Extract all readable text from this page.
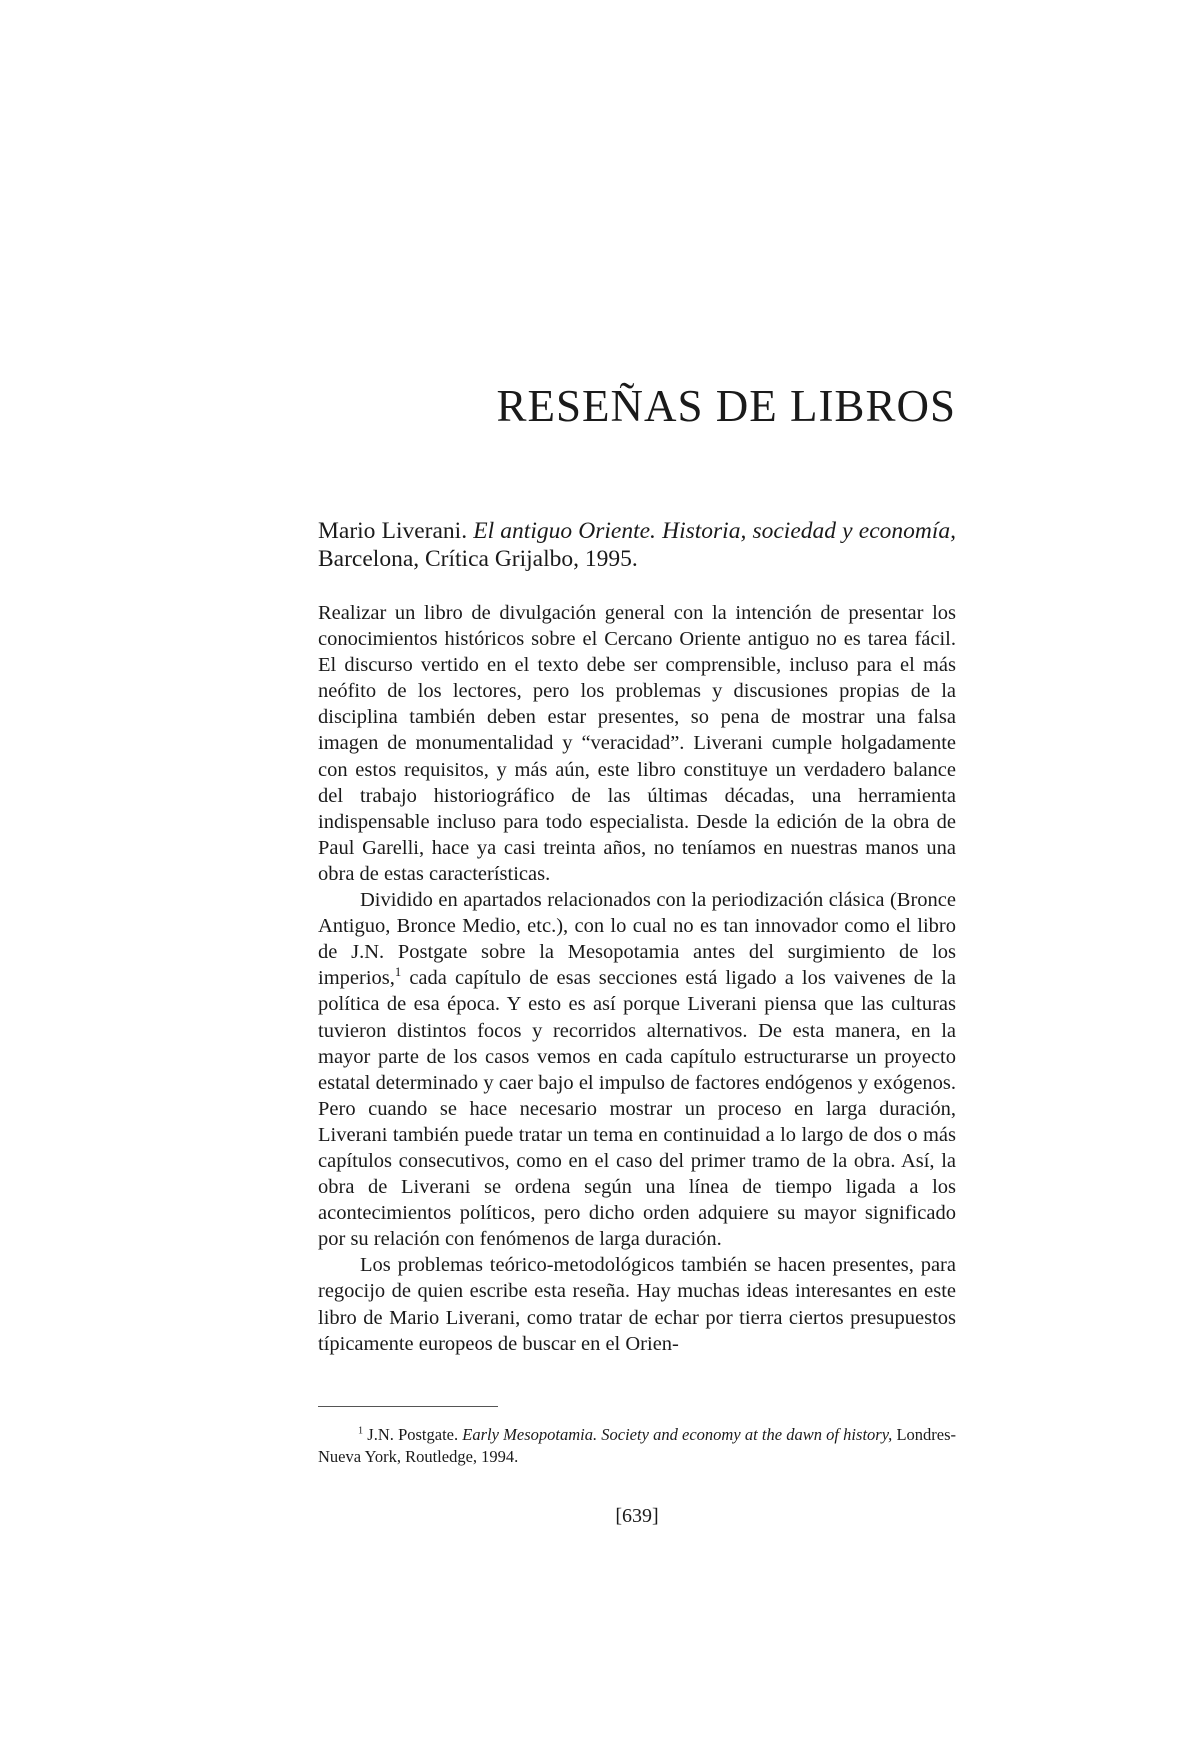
RESEÑAS DE LIBROS

Mario Liverani. El antiguo Oriente. Historia, sociedad y economía, Barcelona, Crítica Grijalbo, 1995.

Realizar un libro de divulgación general con la intención de presentar los conocimientos históricos sobre el Cercano Oriente antiguo no es tarea fácil. El discurso vertido en el texto debe ser comprensible, incluso para el más neófito de los lectores, pero los problemas y discusiones propias de la disciplina también deben estar presentes, so pena de mostrar una falsa imagen de monumentalidad y “veracidad”. Liverani cumple holgadamente con estos requisitos, y más aún, este libro constituye un verdadero balance del trabajo historiográfico de las últimas décadas, una herramienta indispensable incluso para todo especialista. Desde la edición de la obra de Paul Garelli, hace ya casi treinta años, no teníamos en nuestras manos una obra de estas características.

Dividido en apartados relacionados con la periodización clásica (Bronce Antiguo, Bronce Medio, etc.), con lo cual no es tan innovador como el libro de J.N. Postgate sobre la Mesopotamia antes del surgimiento de los imperios,$^1$ cada capítulo de esas secciones está ligado a los vaivenes de la política de esa época. Y esto es así porque Liverani piensa que las culturas tuvieron distintos focos y recorridos alternativos. De esta manera, en la mayor parte de los casos vemos en cada capítulo estructurarse un proyecto estatal determinado y caer bajo el impulso de factores endógenos y exógenos. Pero cuando se hace necesario mostrar un proceso en larga duración, Liverani también puede tratar un tema en continuidad a lo largo de dos o más capítulos consecutivos, como en el caso del primer tramo de la obra. Así, la obra de Liverani se ordena según una línea de tiempo ligada a los acontecimientos políticos, pero dicho orden adquiere su mayor significado por su relación con fenómenos de larga duración.

Los problemas teórico-metodológicos también se hacen presentes, para regocijo de quien escribe esta reseña. Hay muchas ideas interesantes en este libro de Mario Liverani, como tratar de echar por tierra ciertos presupuestos típicamente europeos de buscar en el Orien-

$^1$ J.N. Postgate. Early Mesopotamia. Society and economy at the dawn of history, Londres-Nueva York, Routledge, 1994.

[639]
